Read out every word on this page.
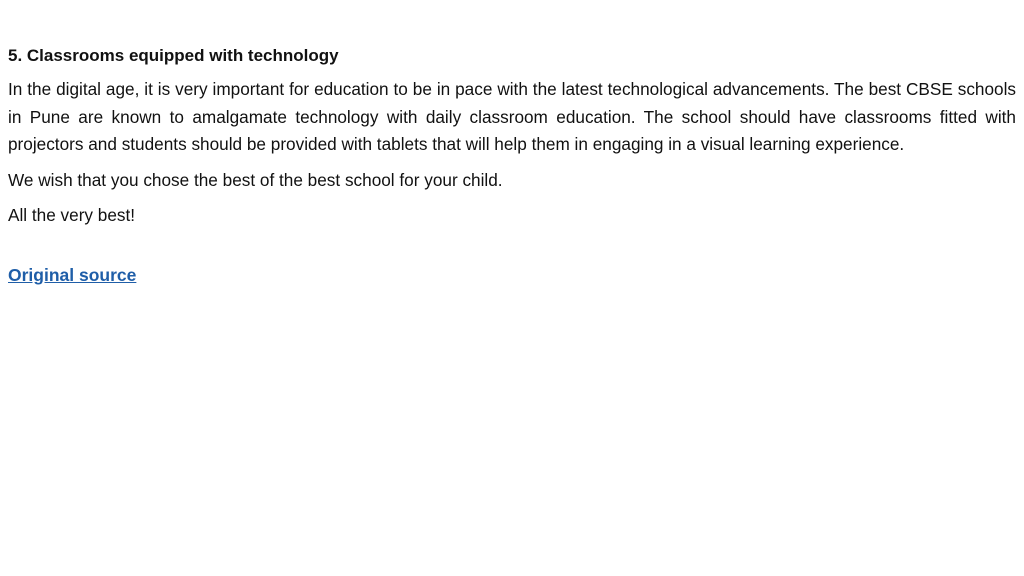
5. Classrooms equipped with technology

In the digital age, it is very important for education to be in pace with the latest technological advancements. The best CBSE schools in Pune are known to amalgamate technology with daily classroom education. The school should have classrooms fitted with projectors and students should be provided with tablets that will help them in engaging in a visual learning experience.

We wish that you chose the best of the best school for your child.

All the very best!

Original source
